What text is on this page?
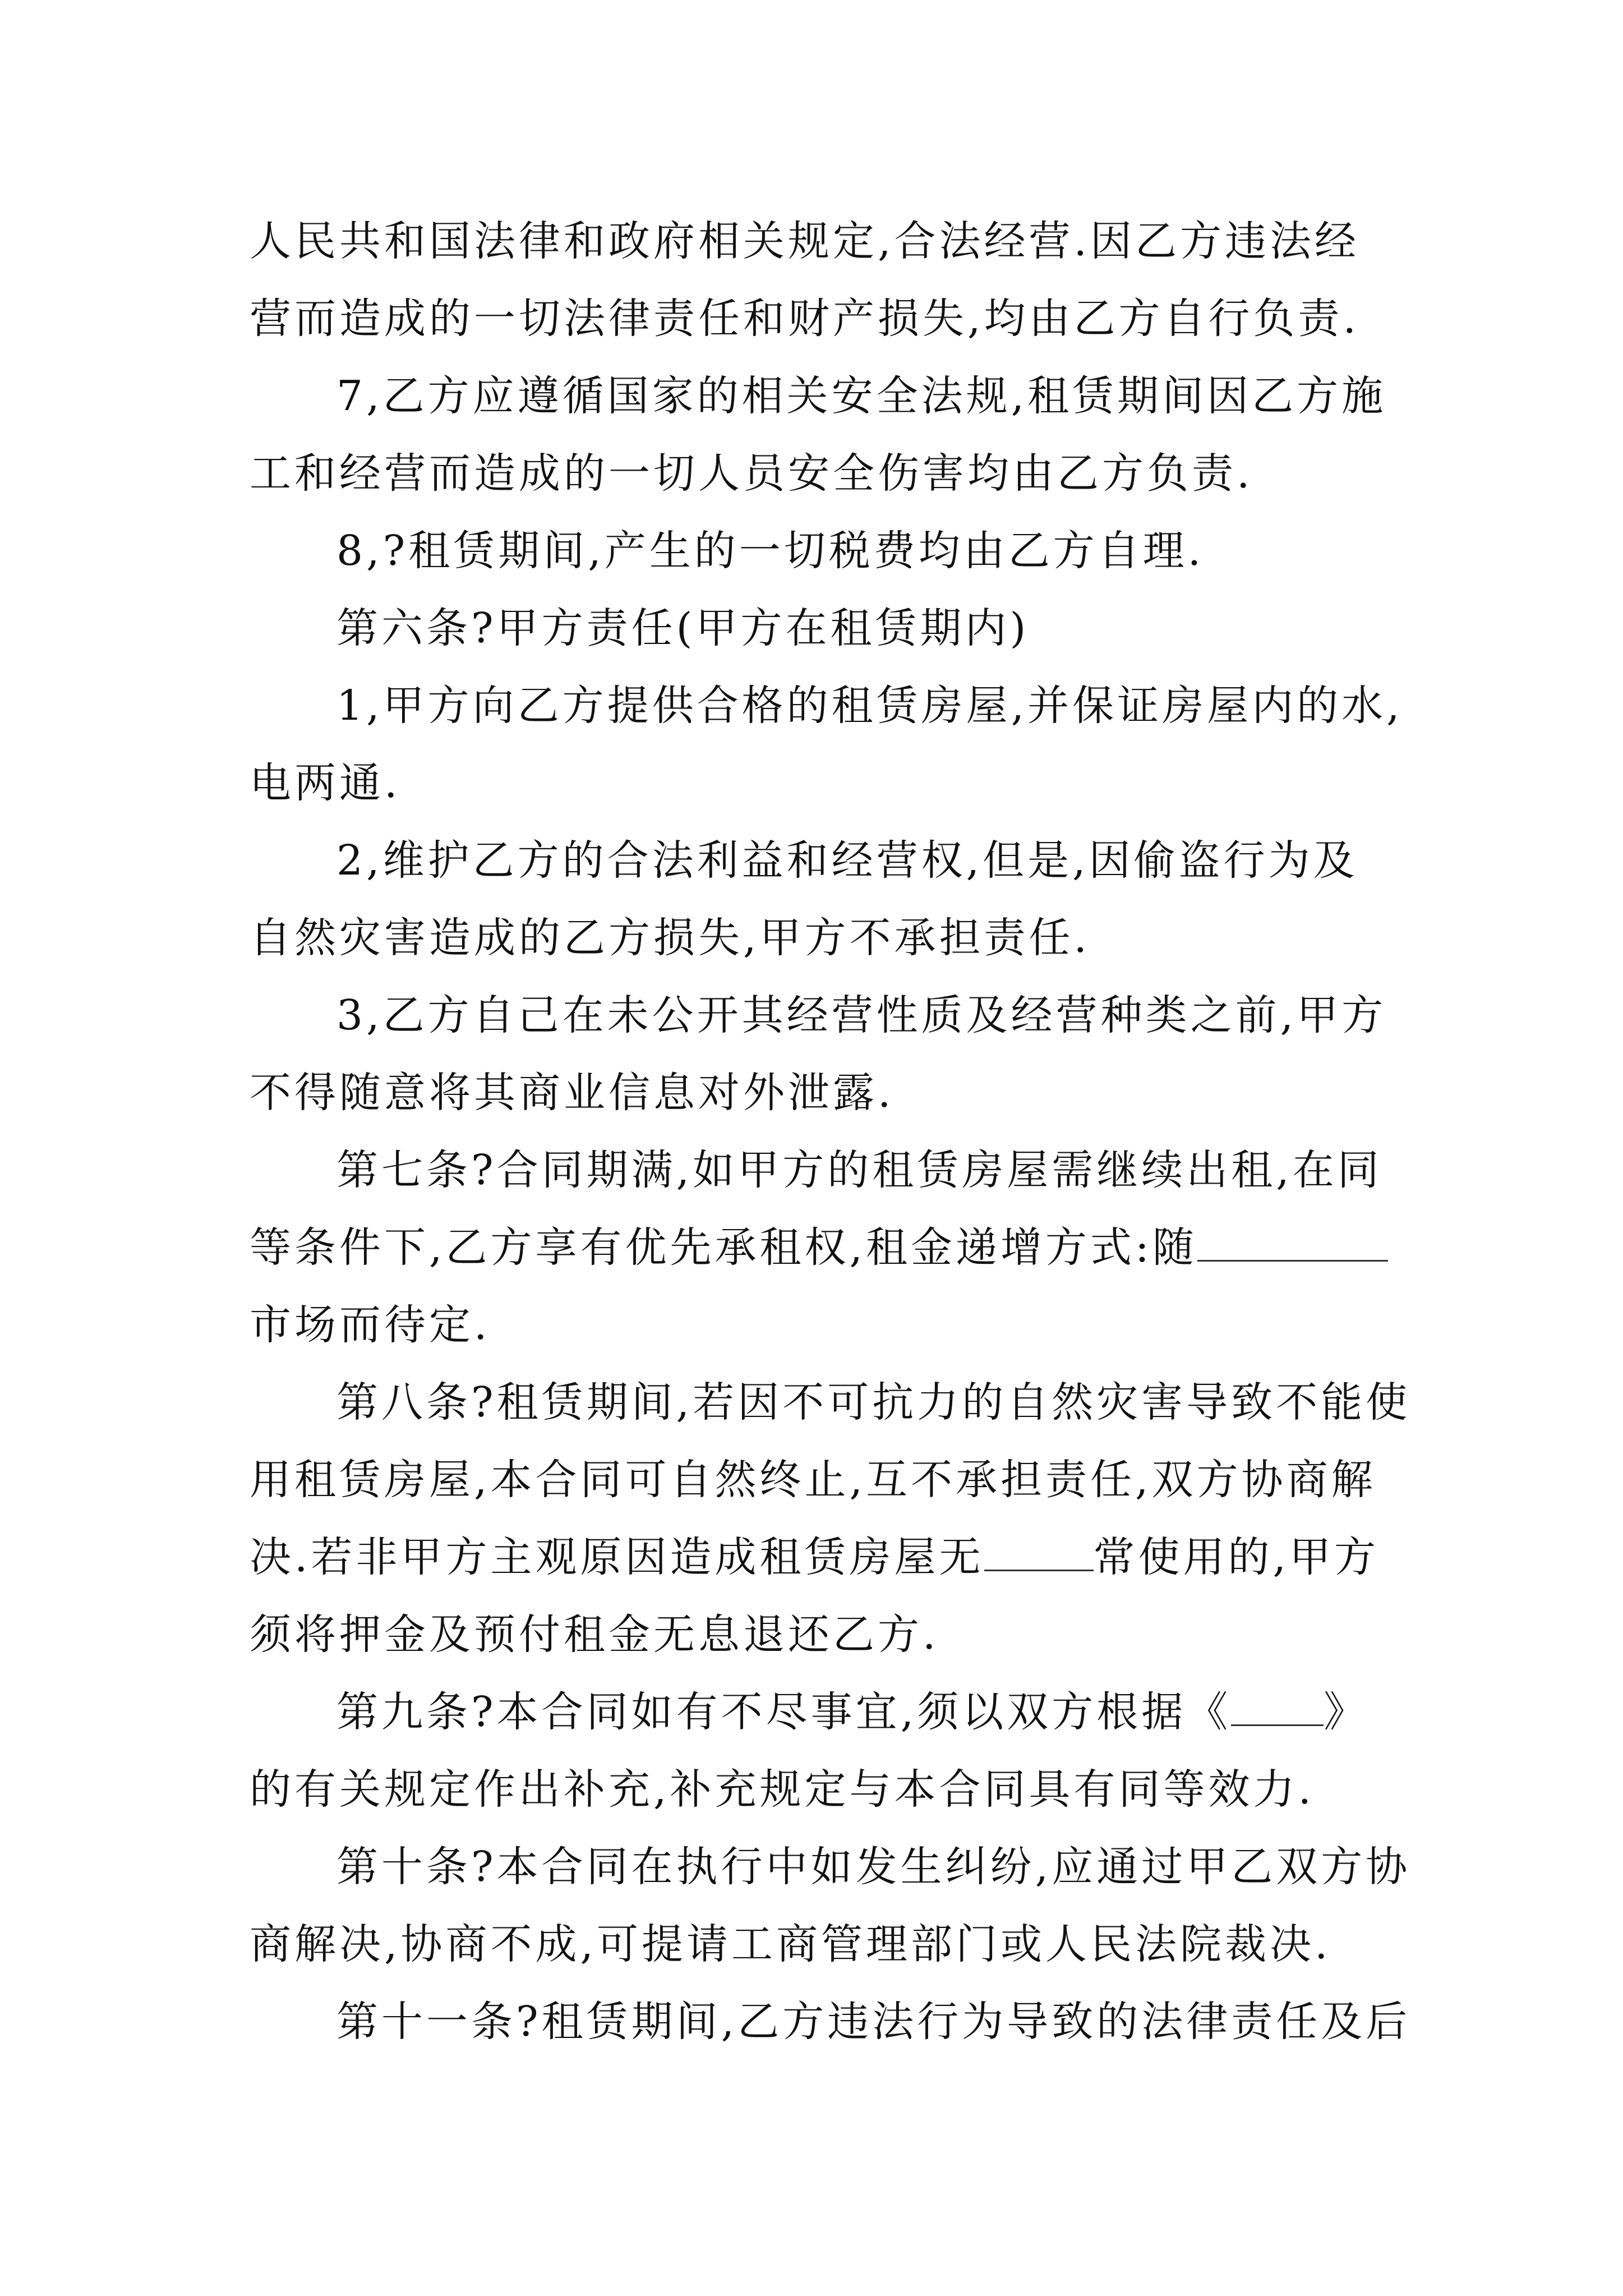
人民共和国法律和政府相关规定,合法经营.因乙方违法经
营而造成的一切法律责任和财产损失,均由乙方自行负责.
7,乙方应遵循国家的相关安全法规,租赁期间因乙方施
工和经营而造成的一切人员安全伤害均由乙方负责.
8,?租赁期间,产生的一切税费均由乙方自理.
第六条?甲方责任(甲方在租赁期内)
1,甲方向乙方提供合格的租赁房屋,并保证房屋内的水,
电两通.
2,维护乙方的合法利益和经营权,但是,因偷盗行为及
自然灾害造成的乙方损失,甲方不承担责任.
3,乙方自己在未公开其经营性质及经营种类之前,甲方
不得随意将其商业信息对外泄露.
第七条?合同期满,如甲方的租赁房屋需继续出租,在同
等条件下,乙方享有优先承租权,租金递增方式:随
市场而待定.
第八条?租赁期间,若因不可抗力的自然灾害导致不能使
用租赁房屋,本合同可自然终止,互不承担责任,双方协商解
决.若非甲方主观原因造成租赁房屋无	常使用的,甲方
须将押金及预付租金无息退还乙方.
第九条?本合同如有不尽事宜,须以双方根据《 》
的有关规定作出补充,补充规定与本合同具有同等效力.
第十条?本合同在执行中如发生纠纷,应通过甲乙双方协
商解决,协商不成,可提请工商管理部门或人民法院裁决.
第十一条?租赁期间,乙方违法行为导致的法律责任及后
